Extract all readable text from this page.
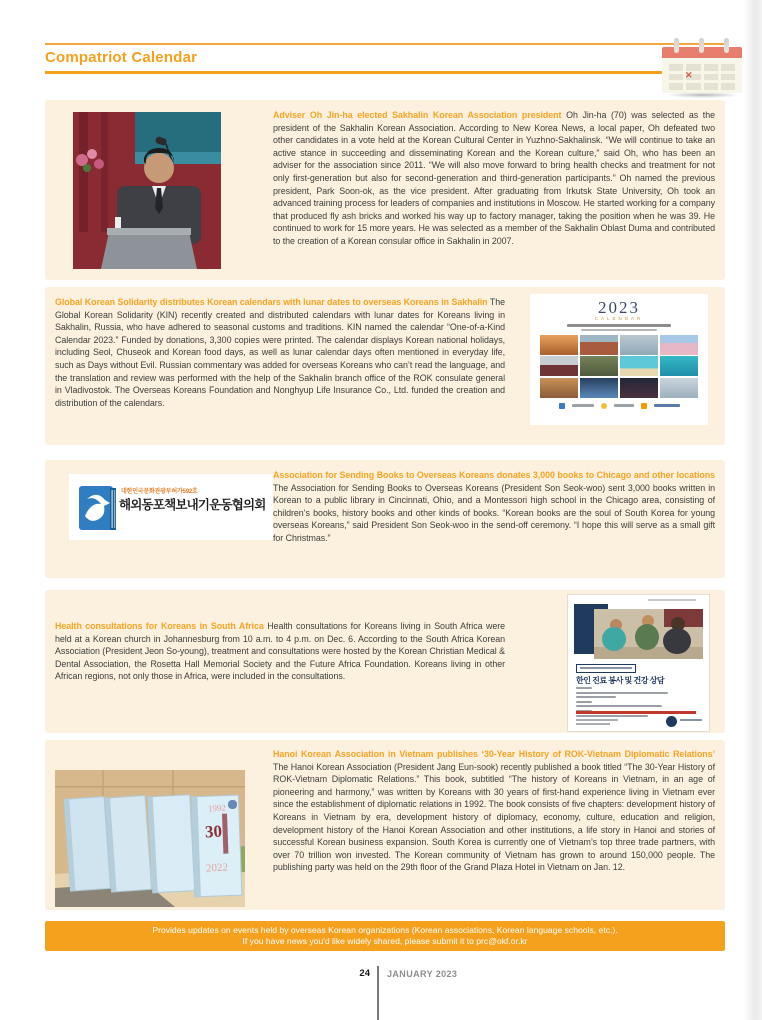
Compatriot Calendar
✕
Adviser Oh Jin-ha elected Sakhalin Korean Association president Oh Jin-ha (70) was selected as the president of the Sakhalin Korean Association. According to New Korea News, a local paper, Oh defeated two other candidates in a vote held at the Korean Cultural Center in Yuzhno-Sakhalinsk. “We will continue to take an active stance in succeeding and disseminating Korean and the Korean culture,” said Oh, who has been an adviser for the association since 2011. “We will also move forward to bring health checks and treatment for not only first-generation but also for second-generation and third-generation participants.” Oh named the previous president, Park Soon-ok, as the vice president. After graduating from Irkutsk State University, Oh took an advanced training process for leaders of companies and institutions in Moscow. He started working for a company that produced fly ash bricks and worked his way up to factory manager, taking the position when he was 39. He continued to work for 15 more years. He was selected as a member of the Sakhalin Oblast Duma and contributed to the creation of a Korean consular office in Sakhalin in 2007.
Global Korean Solidarity distributes Korean calendars with lunar dates to overseas Koreans in Sakhalin The Global Korean Solidarity (KIN) recently created and distributed calendars with lunar dates for Koreans living in Sakhalin, Russia, who have adhered to seasonal customs and traditions. KIN named the calendar “One-of-a-Kind Calendar 2023.” Funded by donations, 3,300 copies were printed. The calendar displays Korean national holidays, including Seol, Chuseok and Korean food days, as well as lunar calendar days often mentioned in everyday life, such as Days without Evil. Russian commentary was added for overseas Koreans who can’t read the language, and the translation and review was performed with the help of the Sakhalin branch office of the ROK consulate general in Vladivostok. The Overseas Koreans Foundation and Nonghyup Life Insurance Co., Ltd. funded the creation and distribution of the calendars.
2023
CALENDAR
대한민국문화관광부허가592호
해외동포책보내기운동협의회
Association for Sending Books to Overseas Koreans donates 3,000 books to Chicago and other locations The Association for Sending Books to Overseas Koreans (President Son Seok-woo) sent 3,000 books written in Korean to a public library in Cincinnati, Ohio, and a Montessori high school in the Chicago area, consisting of children’s books, history books and other kinds of books. “Korean books are the soul of South Korea for young overseas Koreans,” said President Son Seok-woo in the send-off ceremony. “I hope this will serve as a small gift for Christmas.”
Health consultations for Koreans in South Africa Health consultations for Koreans living in South Africa were held at a Korean church in Johannesburg from 10 a.m. to 4 p.m. on Dec. 6. According to the South Africa Korean Association (President Jeon So-young), treatment and consultations were hosted by the Korean Christian Medical & Dental Association, the Rosetta Hall Memorial Society and the Future Africa Foundation. Koreans living in other African regions, not only those in Africa, were included in the consultations.	한인 진료 봉사 및 건강 상담
1992
30
2022
Hanoi Korean Association in Vietnam publishes ‘30-Year History of ROK-Vietnam Diplomatic Relations’ The Hanoi Korean Association (President Jang Eun-sook) recently published a book titled “The 30-Year History of ROK-Vietnam Diplomatic Relations.” This book, subtitled “The history of Koreans in Vietnam, in an age of pioneering and harmony,” was written by Koreans with 30 years of first-hand experience living in Vietnam ever since the establishment of diplomatic relations in 1992. The book consists of five chapters: development history of Koreans in Vietnam by era, development history of diplomacy, economy, culture, education and religion, development history of the Hanoi Korean Association and other institutions, a life story in Hanoi and stories of successful Korean business expansion. South Korea is currently one of Vietnam’s top three trade partners, with over 70 trillion won invested. The Korean community of Vietnam has grown to around 150,000 people. The publishing party was held on the 29th floor of the Grand Plaza Hotel in Vietnam on Jan. 12.
Provides updates on events held by overseas Korean organizations (Korean associations, Korean language schools, etc.).
If you have news you'd like widely shared, please submit it to prc@okf.or.kr
24 JANUARY 2023
